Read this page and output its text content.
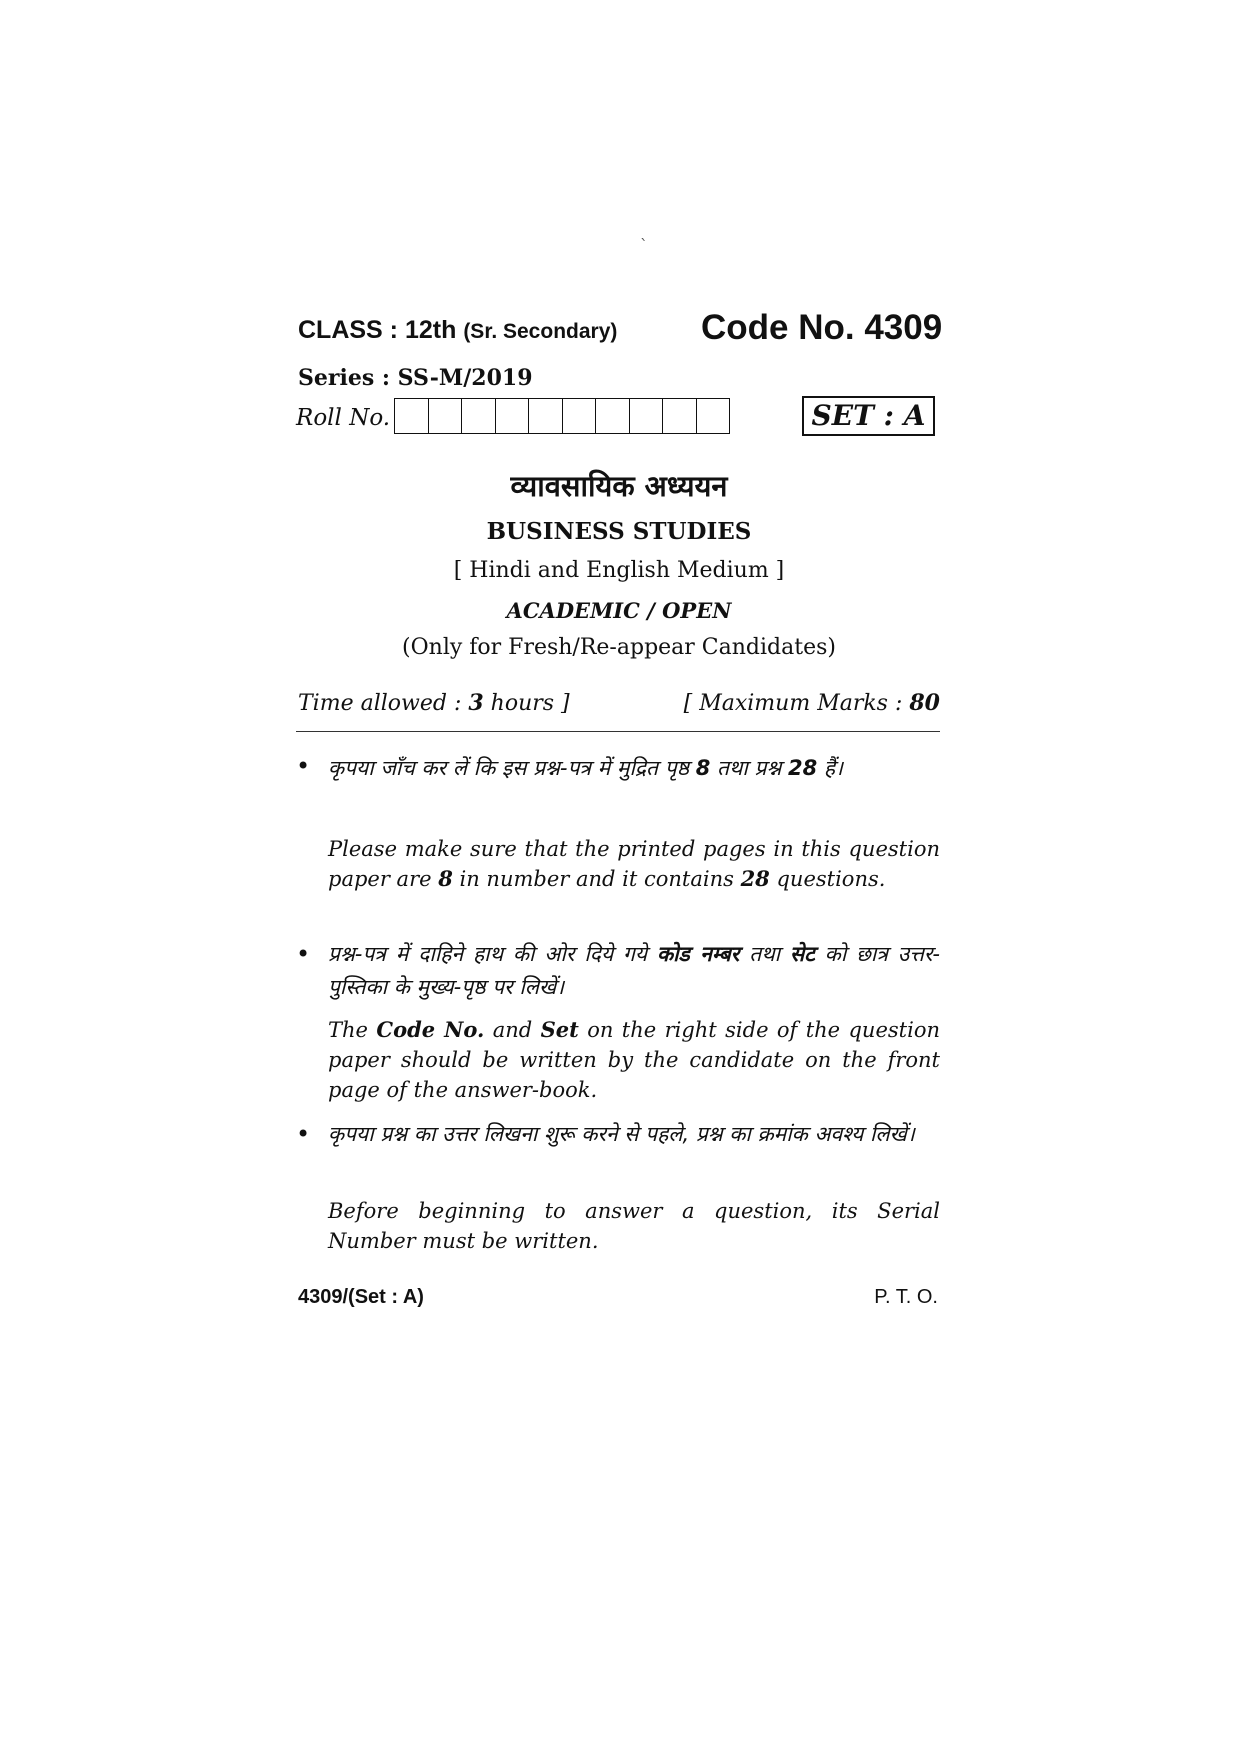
`
CLASS : 12th (Sr. Secondary) Code No. 4309
Series : SS-M/2019
Roll No.	SET : A
व्यावसायिक अध्ययन
BUSINESS STUDIES
[ Hindi and English Medium ]
ACADEMIC / OPEN
(Only for Fresh/Re-appear Candidates)
Time allowed : 3 hours ]	[ Maximum Marks : 80
• कृपया जाँच कर लें कि इस प्रश्न-पत्र में मुद्रित पृष्ठ 8 तथा प्रश्न 28 हैं।
Please make sure that the printed pages in this question paper are 8 in number and it contains 28 questions.
• प्रश्न-पत्र में दाहिने हाथ की ओर दिये गये कोड नम्बर तथा सेट को छात्र उत्तर-पुस्तिका के मुख्य-पृष्ठ पर लिखें।
The Code No. and Set on the right side of the question paper should be written by the candidate on the front page of the answer-book.
• कृपया प्रश्न का उत्तर लिखना शुरू करने से पहले, प्रश्न का क्रमांक अवश्य लिखें।
Before beginning to answer a question, its Serial Number must be written.
4309/(Set : A)	P. T. O.
